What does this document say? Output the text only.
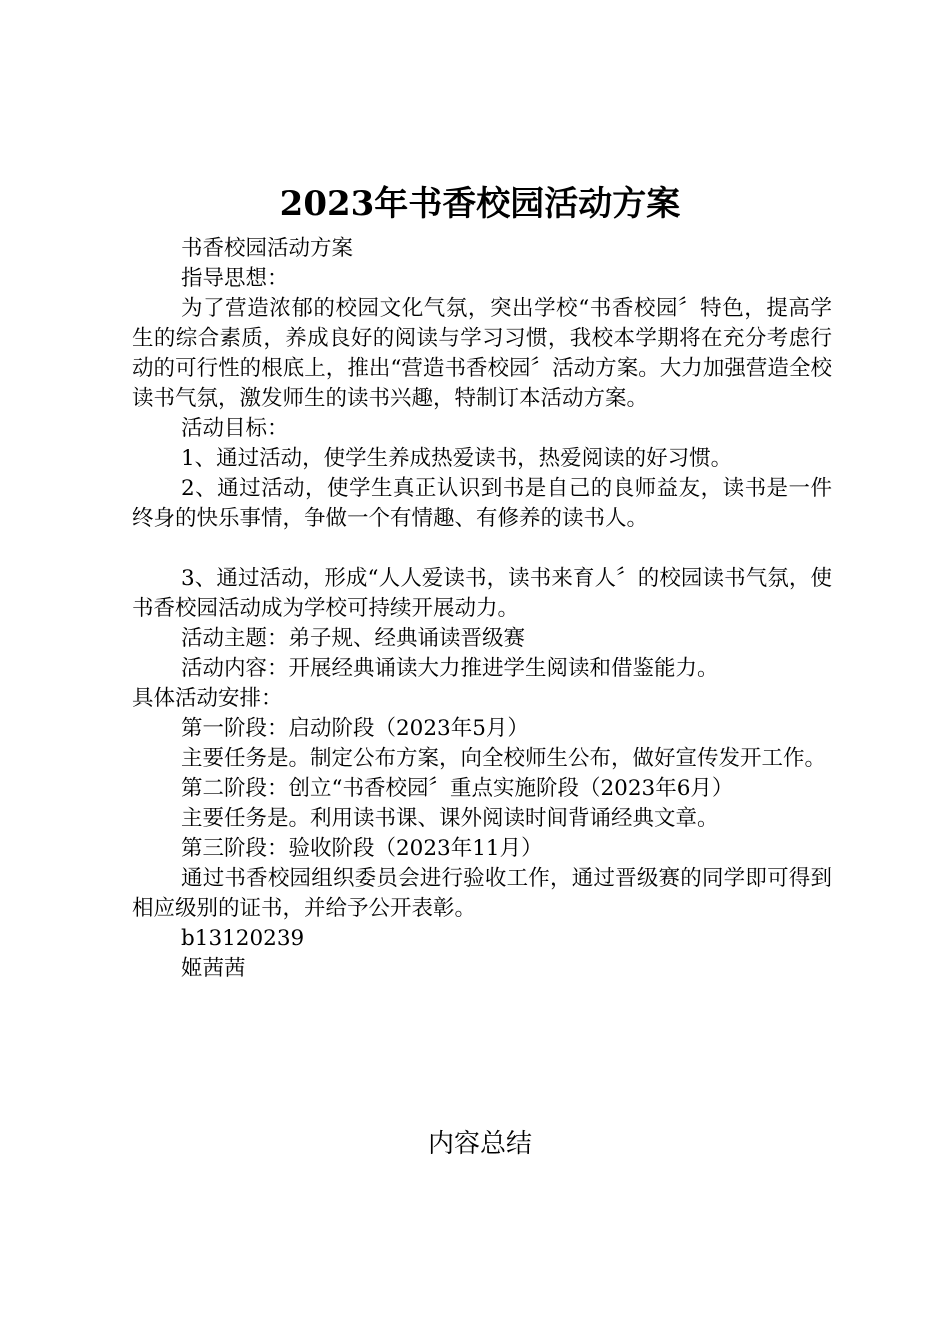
2023年书香校园活动方案

书香校园活动方案

指导思想：

为了营造浓郁的校园文化气氛，突出学校“书香校园〞特色，提高学生的综合素质，养成良好的阅读与学习习惯，我校本学期将在充分考虑行动的可行性的根底上，推出“营造书香校园〞活动方案。大力加强营造全校读书气氛，激发师生的读书兴趣，特制订本活动方案。

活动目标：

1、通过活动，使学生养成热爱读书，热爱阅读的好习惯。

2、通过活动，使学生真正认识到书是自己的良师益友，读书是一件终身的快乐事情，争做一个有情趣、有修养的读书人。

3、通过活动，形成“人人爱读书，读书来育人〞的校园读书气氛，使书香校园活动成为学校可持续开展动力。

活动主题：弟子规、经典诵读晋级赛

活动内容：开展经典诵读大力推进学生阅读和借鉴能力。

具体活动安排：

第一阶段：启动阶段（2023年5月）

主要任务是。制定公布方案，向全校师生公布，做好宣传发开工作。

第二阶段：创立“书香校园〞重点实施阶段（2023年6月）

主要任务是。利用读书课、课外阅读时间背诵经典文章。

第三阶段：验收阶段（2023年11月）

通过书香校园组织委员会进行验收工作，通过晋级赛的同学即可得到相应级别的证书，并给予公开表彰。

b13120239

姬茜茜

内容总结
